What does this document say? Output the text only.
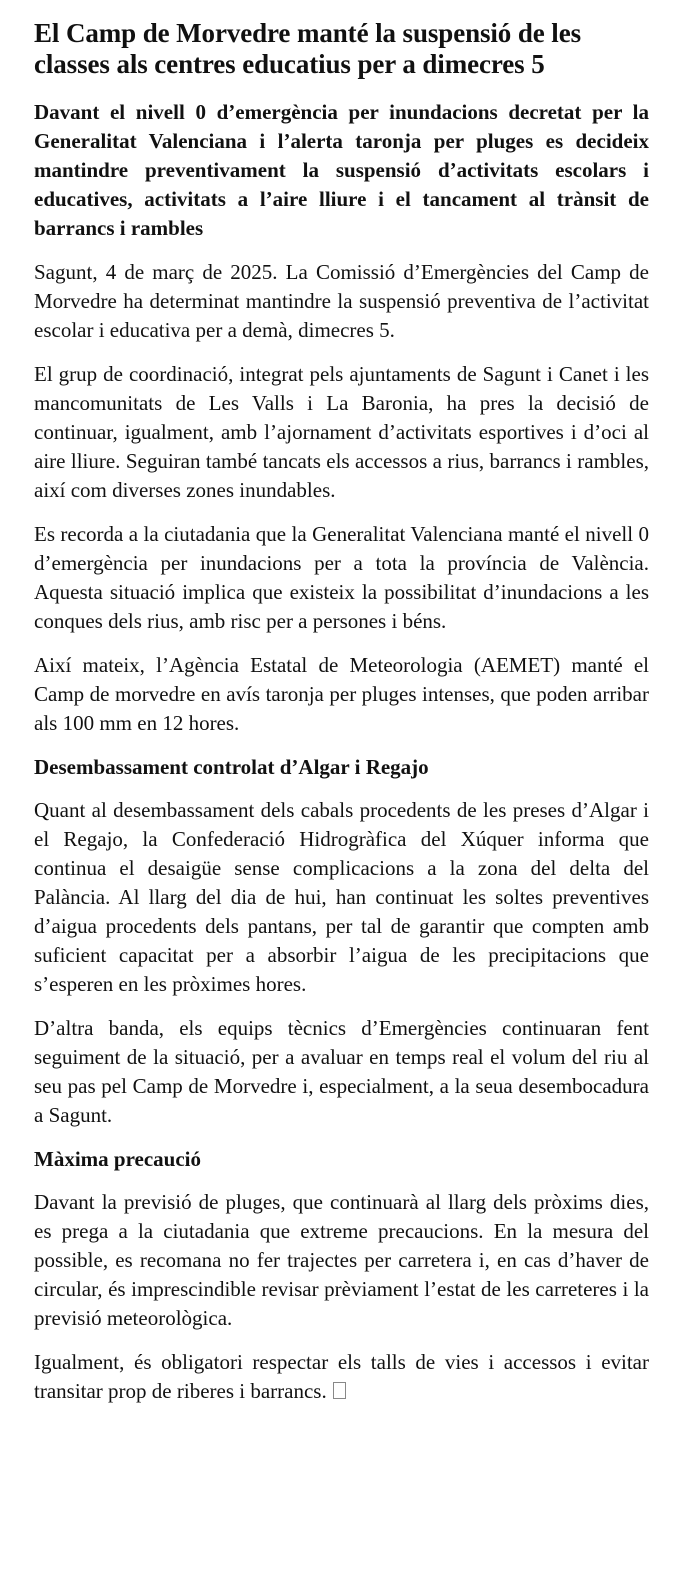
El Camp de Morvedre manté la suspensió de les classes als centres educatius per a dimecres 5

Davant el nivell 0 d’emergència per inundacions decretat per la Generalitat Valenciana i l’alerta taronja per pluges es decideix mantindre preventivament la suspensió d’activitats escolars i educatives, activitats a l’aire lliure i el tancament al trànsit de barrancs i rambles

Sagunt, 4 de març de 2025. La Comissió d’Emergències del Camp de Morvedre ha determinat mantindre la suspensió preventiva de l’activitat escolar i educativa per a demà, dimecres 5.

El grup de coordinació, integrat pels ajuntaments de Sagunt i Canet i les mancomunitats de Les Valls i La Baronia, ha pres la decisió de continuar, igualment, amb l’ajornament d’activitats esportives i d’oci al aire lliure. Seguiran també tancats els accessos a rius, barrancs i rambles, així com diverses zones inundables.

Es recorda a la ciutadania que la Generalitat Valenciana manté el nivell 0 d’emergència per inundacions per a tota la província de València. Aquesta situació implica que existeix la possibilitat d’inundacions a les conques dels rius, amb risc per a persones i béns.

Així mateix, l’Agència Estatal de Meteorologia (AEMET) manté el Camp de morvedre en avís taronja per pluges intenses, que poden arribar als 100 mm en 12 hores.

Desembassament controlat d’Algar i Regajo

Quant al desembassament dels cabals procedents de les preses d’Algar i el Regajo, la Confederació Hidrogràfica del Xúquer informa que continua el desaigüe sense complicacions a la zona del delta del Palància. Al llarg del dia de hui, han continuat les soltes preventives d’aigua procedents dels pantans, per tal de garantir que compten amb suficient capacitat per a absorbir l’aigua de les precipitacions que s’esperen en les pròximes hores.

D’altra banda, els equips tècnics d’Emergències continuaran fent seguiment de la situació, per a avaluar en temps real el volum del riu al seu pas pel Camp de Morvedre i, especialment, a la seua desembocadura a Sagunt.

Màxima precaució

Davant la previsió de pluges, que continuarà al llarg dels pròxims dies, es prega a la ciutadania que extreme precaucions. En la mesura del possible, es recomana no fer trajectes per carretera i, en cas d’haver de circular, és imprescindible revisar prèviament l’estat de les carreteres i la previsió meteorològica.

Igualment, és obligatori respectar els talls de vies i accessos i evitar transitar prop de riberes i barrancs.
